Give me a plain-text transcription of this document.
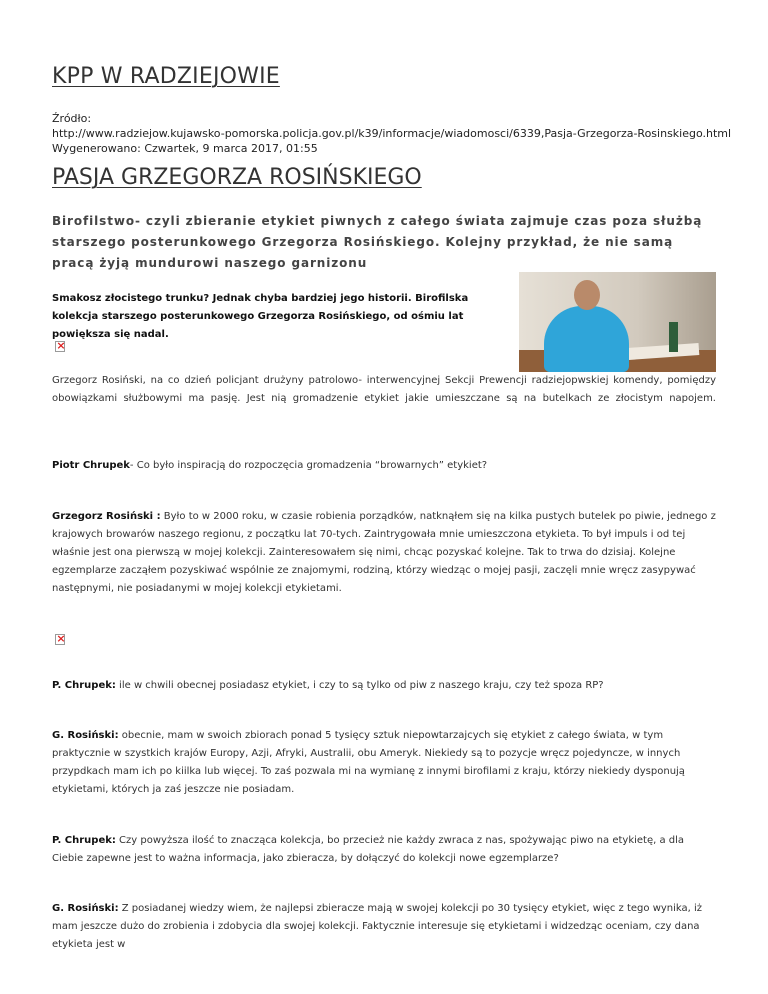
KPP W RADZIEJOWIE
Źródło:
http://www.radziejow.kujawsko-pomorska.policja.gov.pl/k39/informacje/wiadomosci/6339,Pasja-Grzegorza-Rosinskiego.html
Wygenerowano: Czwartek, 9 marca 2017, 01:55
PASJA GRZEGORZA ROSIŃSKIEGO

Birofilstwo- czyli zbieranie etykiet piwnych z całego świata zajmuje czas poza służbą starszego posterunkowego Grzegorza Rosińskiego. Kolejny przykład, że nie samą pracą żyją mundurowi naszego garnizonu

Smakosz złocistego trunku? Jednak chyba bardziej jego historii. Birofilska kolekcja starszego posterunkowego Grzegorza Rosińskiego, od ośmiu lat powiększa się nadal.

×

Grzegorz Rosiński, na co dzień policjant drużyny patrolowo- interwencyjnej Sekcji Prewencji radziejopwskiej komendy, pomiędzy obowiązkami służbowymi ma pasję. Jest nią gromadzenie etykiet jakie umieszczane są na butelkach ze złocistym napojem.

Piotr Chrupek- Co było inspiracją do rozpoczęcia gromadzenia “browarnych” etykiet?

Grzegorz Rosiński : Było to w 2000 roku, w czasie robienia porządków, natknąłem się na kilka pustych butelek po piwie, jednego z krajowych browarów naszego regionu, z początku lat 70-tych. Zaintrygowała mnie umieszczona etykieta. To był impuls i od tej właśnie jest ona pierwszą w mojej kolekcji. Zainteresowałem się nimi, chcąc pozyskać kolejne. Tak to trwa do dzisiaj. Kolejne egzemplarze zacząłem pozyskiwać wspólnie ze znajomymi, rodziną, którzy wiedząc o mojej pasji, zaczęli mnie wręcz zasypywać następnymi, nie posiadanymi w mojej kolekcji etykietami.

×

P. Chrupek: ile w chwili obecnej posiadasz etykiet, i czy to są tylko od piw z naszego kraju, czy też spoza RP?

G. Rosiński: obecnie, mam w swoich zbiorach ponad 5 tysięcy sztuk niepowtarzajcych się etykiet z całego świata, w tym praktycznie w szystkich krajów Europy, Azji, Afryki, Australii, obu Ameryk. Niekiedy są to pozycje wręcz pojedyncze, w innych przypdkach mam ich po kiilka lub więcej. To zaś pozwala mi na wymianę z innymi birofilami z kraju, którzy niekiedy dysponują etykietami, których ja zaś jeszcze nie posiadam.

P. Chrupek: Czy powyższa ilość to znacząca kolekcja, bo przecież nie każdy zwraca z nas, spożywając piwo na etykietę, a dla Ciebie zapewne jest to ważna informacja, jako zbieracza, by dołączyć do kolekcji nowe egzemplarze?

G. Rosiński: Z posiadanej wiedzy wiem, że najlepsi zbieracze mają w swojej kolekcji po 30 tysięcy etykiet, więc z tego wynika, iż mam jeszcze dużo do zrobienia i zdobycia dla swojej kolekcji. Faktycznie interesuje się etykietami i widzedząc oceniam, czy dana etykieta jest w
